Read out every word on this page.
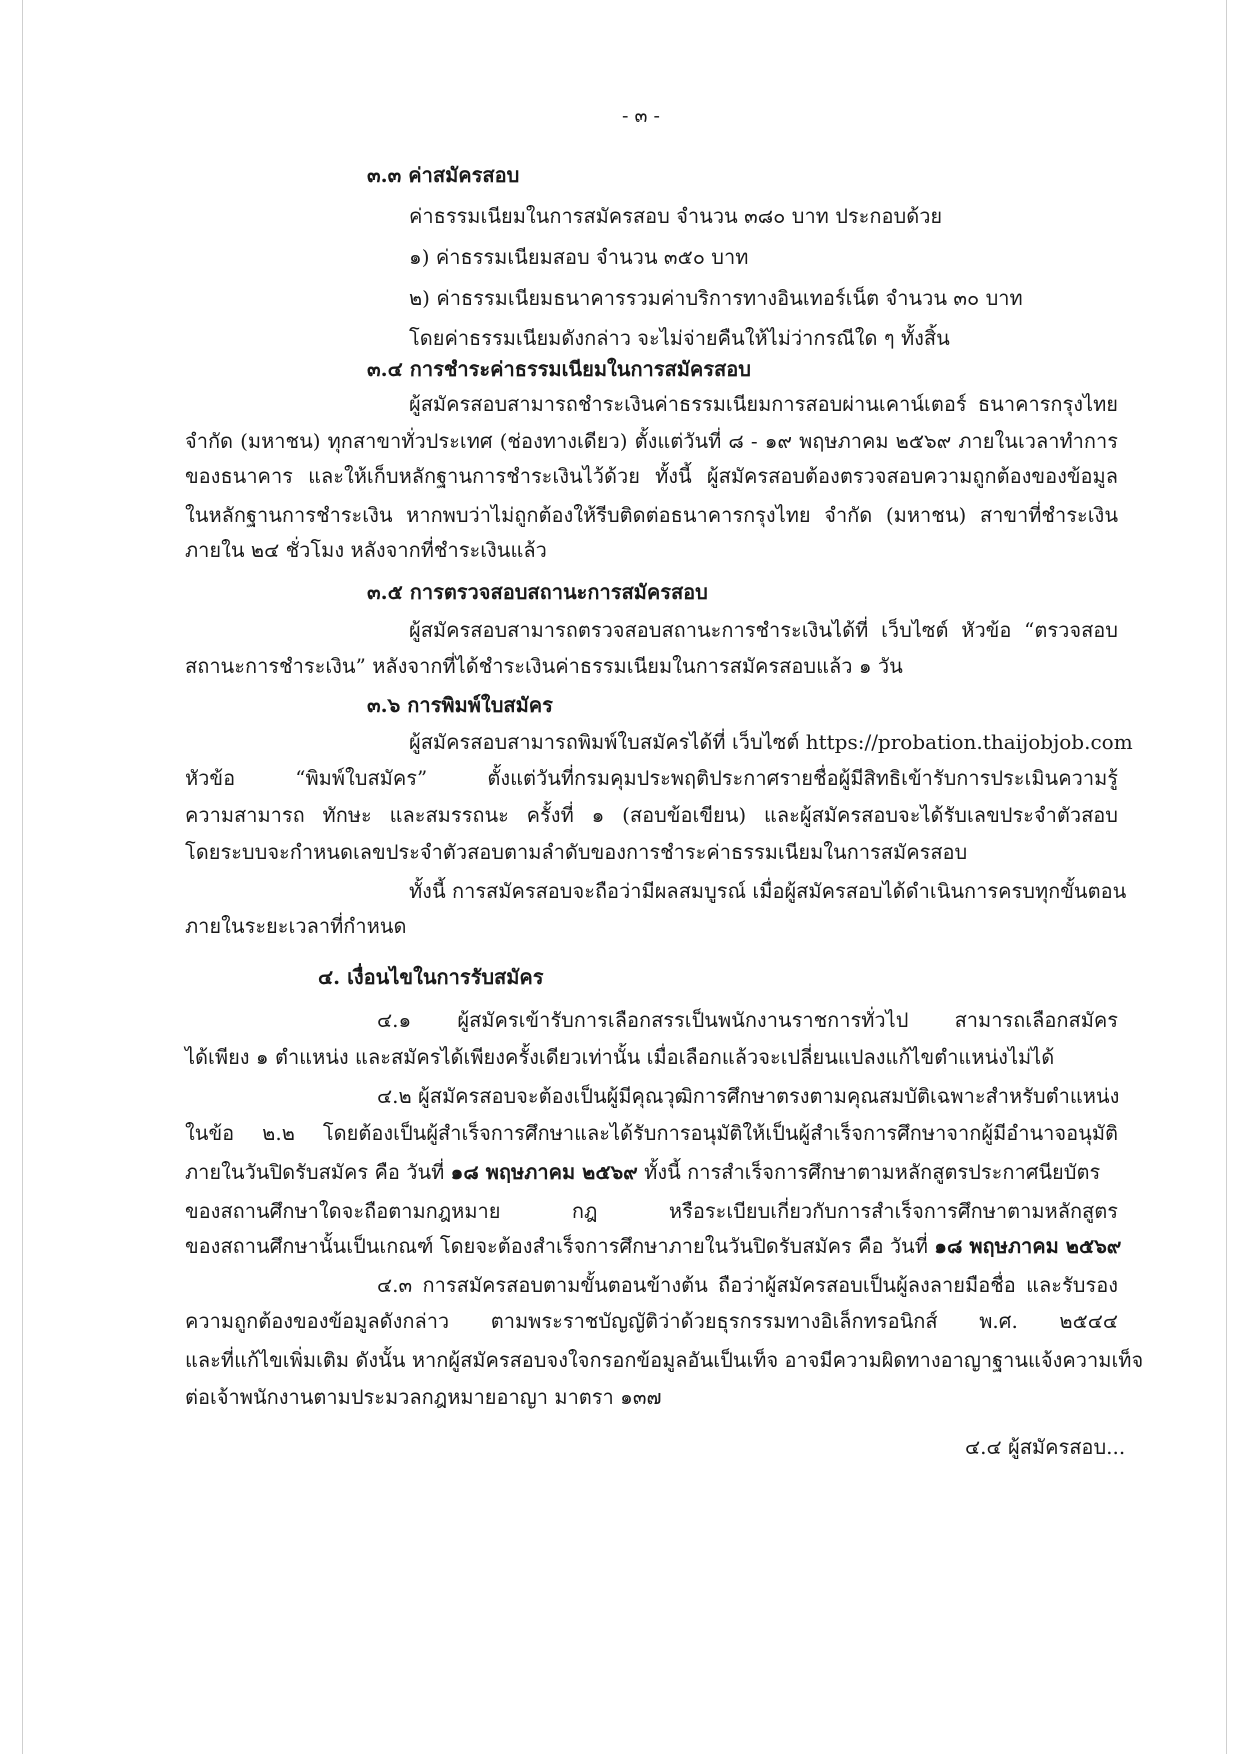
- ๓ -
๓.๓ ค่าสมัครสอบ
ค่าธรรมเนียมในการสมัครสอบ จำนวน ๓๘๐ บาท ประกอบด้วย
๑) ค่าธรรมเนียมสอบ จำนวน ๓๕๐ บาท
๒) ค่าธรรมเนียมธนาคารรวมค่าบริการทางอินเทอร์เน็ต จำนวน ๓๐ บาท
โดยค่าธรรมเนียมดังกล่าว จะไม่จ่ายคืนให้ไม่ว่ากรณีใด ๆ ทั้งสิ้น
๓.๔ การชำระค่าธรรมเนียมในการสมัครสอบ
ผู้สมัครสอบสามารถชำระเงินค่าธรรมเนียมการสอบผ่านเคาน์เตอร์ ธนาคารกรุงไทย
จำกัด (มหาชน) ทุกสาขาทั่วประเทศ (ช่องทางเดียว) ตั้งแต่วันที่ ๘ - ๑๙ พฤษภาคม ๒๕๖๙ ภายในเวลาทำการ
ของธนาคาร และให้เก็บหลักฐานการชำระเงินไว้ด้วย ทั้งนี้ ผู้สมัครสอบต้องตรวจสอบความถูกต้องของข้อมูล
ในหลักฐานการชำระเงิน หากพบว่าไม่ถูกต้องให้รีบติดต่อธนาคารกรุงไทย จำกัด (มหาชน) สาขาที่ชำระเงิน
ภายใน ๒๔ ชั่วโมง หลังจากที่ชำระเงินแล้ว
๓.๕ การตรวจสอบสถานะการสมัครสอบ
ผู้สมัครสอบสามารถตรวจสอบสถานะการชำระเงินได้ที่ เว็บไซต์ หัวข้อ “ตรวจสอบ
สถานะการชำระเงิน” หลังจากที่ได้ชำระเงินค่าธรรมเนียมในการสมัครสอบแล้ว ๑ วัน
๓.๖ การพิมพ์ใบสมัคร
ผู้สมัครสอบสามารถพิมพ์ใบสมัครได้ที่ เว็บไซต์ https://probation.thaijobjob.com
หัวข้อ “พิมพ์ใบสมัคร” ตั้งแต่วันที่กรมคุมประพฤติประกาศรายชื่อผู้มีสิทธิเข้ารับการประเมินความรู้
ความสามารถ ทักษะ และสมรรถนะ ครั้งที่ ๑ (สอบข้อเขียน) และผู้สมัครสอบจะได้รับเลขประจำตัวสอบ
โดยระบบจะกำหนดเลขประจำตัวสอบตามลำดับของการชำระค่าธรรมเนียมในการสมัครสอบ
ทั้งนี้ การสมัครสอบจะถือว่ามีผลสมบูรณ์ เมื่อผู้สมัครสอบได้ดำเนินการครบทุกขั้นตอน
ภายในระยะเวลาที่กำหนด
๔. เงื่อนไขในการรับสมัคร
๔.๑ ผู้สมัครเข้ารับการเลือกสรรเป็นพนักงานราชการทั่วไป สามารถเลือกสมัคร
ได้เพียง ๑ ตำแหน่ง และสมัครได้เพียงครั้งเดียวเท่านั้น เมื่อเลือกแล้วจะเปลี่ยนแปลงแก้ไขตำแหน่งไม่ได้
๔.๒ ผู้สมัครสอบจะต้องเป็นผู้มีคุณวุฒิการศึกษาตรงตามคุณสมบัติเฉพาะสำหรับตำแหน่ง
ในข้อ ๒.๒ โดยต้องเป็นผู้สำเร็จการศึกษาและได้รับการอนุมัติให้เป็นผู้สำเร็จการศึกษาจากผู้มีอำนาจอนุมัติ
ภายในวันปิดรับสมัคร คือ วันที่ ๑๘ พฤษภาคม ๒๕๖๙ ทั้งนี้ การสำเร็จการศึกษาตามหลักสูตรประกาศนียบัตร
ของสถานศึกษาใดจะถือตามกฎหมาย กฎ หรือระเบียบเกี่ยวกับการสำเร็จการศึกษาตามหลักสูตร
ของสถานศึกษานั้นเป็นเกณฑ์ โดยจะต้องสำเร็จการศึกษาภายในวันปิดรับสมัคร คือ วันที่ ๑๘ พฤษภาคม ๒๕๖๙
๔.๓ การสมัครสอบตามขั้นตอนข้างต้น ถือว่าผู้สมัครสอบเป็นผู้ลงลายมือชื่อ และรับรอง
ความถูกต้องของข้อมูลดังกล่าว ตามพระราชบัญญัติว่าด้วยธุรกรรมทางอิเล็กทรอนิกส์ พ.ศ. ๒๕๔๔
และที่แก้ไขเพิ่มเติม ดังนั้น หากผู้สมัครสอบจงใจกรอกข้อมูลอันเป็นเท็จ อาจมีความผิดทางอาญาฐานแจ้งความเท็จ
ต่อเจ้าพนักงานตามประมวลกฎหมายอาญา มาตรา ๑๓๗
๔.๔ ผู้สมัครสอบ...
